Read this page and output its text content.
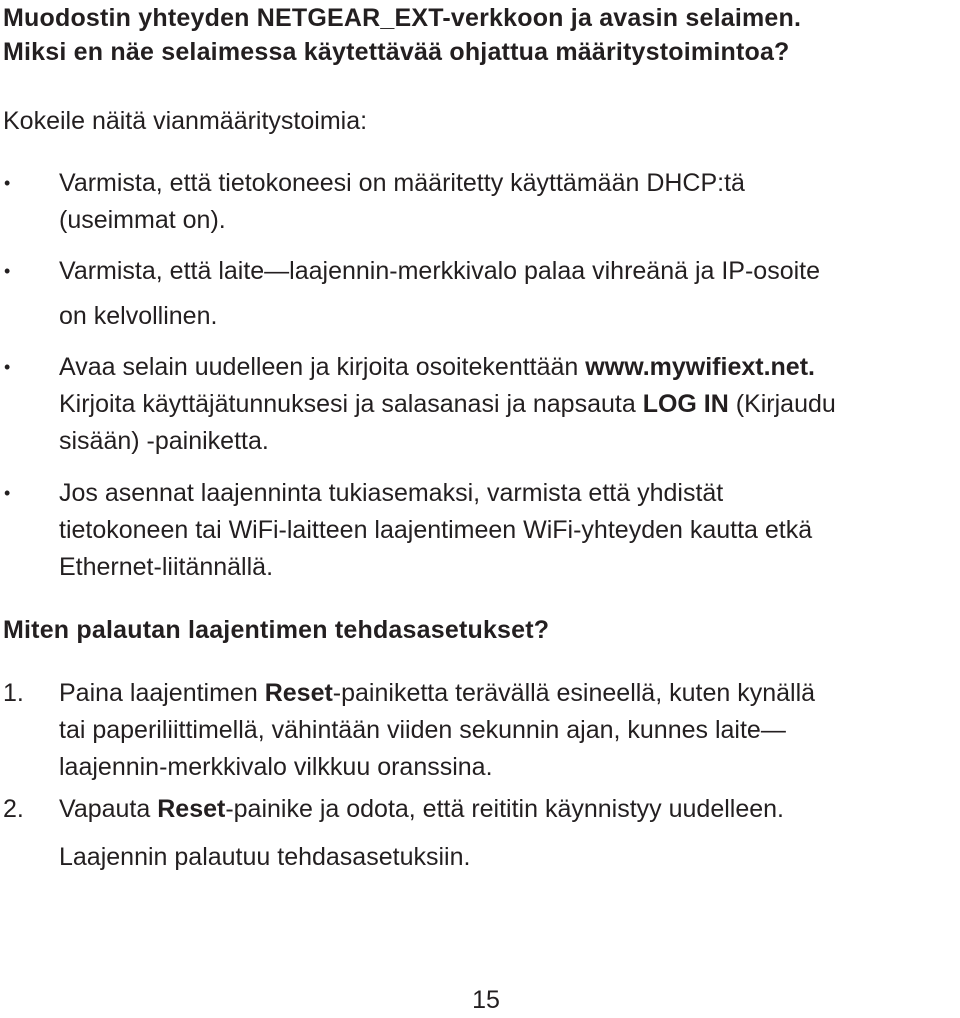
Muodostin yhteyden NETGEAR_EXT-verkkoon ja avasin selaimen.
Miksi en näe selaimessa käytettävää ohjattua määritystoimintoa?

Kokeile näitä vianmääritystoimia:

• Varmista, että tietokoneesi on määritetty käyttämään DHCP:tä
(useimmat on).
• Varmista, että laite—laajennin-merkkivalo palaa vihreänä ja IP-osoite
on kelvollinen.
• Avaa selain uudelleen ja kirjoita osoitekenttään www.mywifiext.net.
Kirjoita käyttäjätunnuksesi ja salasanasi ja napsauta LOG IN (Kirjaudu
sisään) -painiketta.
• Jos asennat laajenninta tukiasemaksi, varmista että yhdistät
tietokoneen tai WiFi-laitteen laajentimeen WiFi-yhteyden kautta etkä
Ethernet-liitännällä.
Miten palautan laajentimen tehdasasetukset?
1. Paina laajentimen Reset-painiketta terävällä esineellä, kuten kynällä
tai paperiliittimellä, vähintään viiden sekunnin ajan, kunnes laite—
laajennin-merkkivalo vilkkuu oranssina.
2. Vapauta Reset-painike ja odota, että reititin käynnistyy uudelleen.
Laajennin palautuu tehdasasetuksiin.
15
